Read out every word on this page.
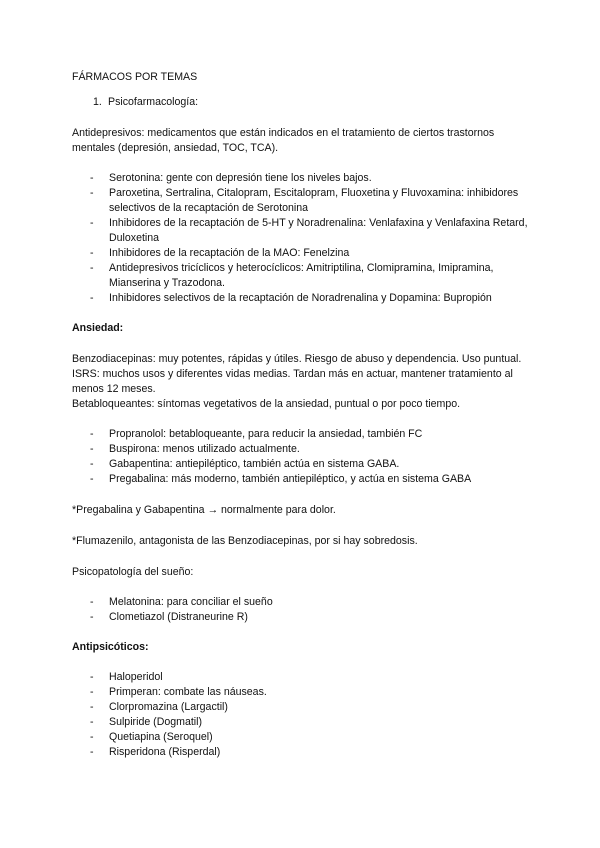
FÁRMACOS POR TEMAS

1. Psicofarmacología:

Antidepresivos: medicamentos que están indicados en el tratamiento de ciertos trastornos mentales (depresión, ansiedad, TOC, TCA).

- Serotonina: gente con depresión tiene los niveles bajos.
- Paroxetina, Sertralina, Citalopram, Escitalopram, Fluoxetina y Fluvoxamina: inhibidores selectivos de la recaptación de Serotonina
- Inhibidores de la recaptación de 5-HT y Noradrenalina: Venlafaxina y Venlafaxina Retard, Duloxetina
- Inhibidores de la recaptación de la MAO: Fenelzina
- Antidepresivos tricíclicos y heterocíclicos: Amitriptilina, Clomipramina, Imipramina, Mianserina y Trazodona.
- Inhibidores selectivos de la recaptación de Noradrenalina y Dopamina: Bupropión

Ansiedad:

Benzodiacepinas: muy potentes, rápidas y útiles. Riesgo de abuso y dependencia. Uso puntual.

ISRS: muchos usos y diferentes vidas medias. Tardan más en actuar, mantener tratamiento al menos 12 meses.

Betabloqueantes: síntomas vegetativos de la ansiedad, puntual o por poco tiempo.

- Propranolol: betabloqueante, para reducir la ansiedad, también FC
- Buspirona: menos utilizado actualmente.
- Gabapentina: antiepiléptico, también actúa en sistema GABA.
- Pregabalina: más moderno, también antiepiléptico, y actúa en sistema GABA

*Pregabalina y Gabapentina → normalmente para dolor.

*Flumazenilo, antagonista de las Benzodiacepinas, por si hay sobredosis.

Psicopatología del sueño:

- Melatonina: para conciliar el sueño
- Clometiazol (Distraneurine R)

Antipsicóticos:

- Haloperidol
- Primperan: combate las náuseas.
- Clorpromazina (Largactil)
- Sulpiride (Dogmatil)
- Quetiapina (Seroquel)
- Risperidona (Risperdal)
